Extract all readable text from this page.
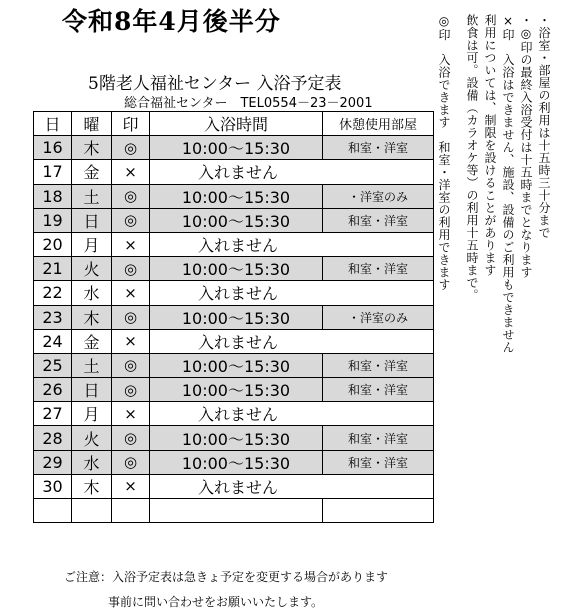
令和8年4月後半分
5階老人福祉センター 入浴予定表
総合福祉センター　TEL0554－23－2001
日	曜	印	入浴時間	休憩使用部屋
16	木	◎	10:00～15:30	和室・洋室
17	金	×	入れません	
18	土	◎	10:00～15:30	・洋室のみ
19	日	◎	10:00～15:30	和室・洋室
20	月	×	入れません	
21	火	◎	10:00～15:30	和室・洋室
22	水	×	入れません	
23	木	◎	10:00～15:30	・洋室のみ
24	金	×	入れません	
25	土	◎	10:00～15:30	和室・洋室
26	日	◎	10:00～15:30	和室・洋室
27	月	×	入れません	
28	火	◎	10:00～15:30	和室・洋室
29	水	◎	10:00～15:30	和室・洋室
30	木	×	入れません	

・浴室・部屋の利用は十五時三十分まで
・◎印の最終入浴受付は十五時までとなります
×印　入浴はできません、施設、設備のご利用もできません
利用については、制限を設けることがあります
飲食は可。設備（カラオケ等）の利用十五時まで。
◎印　入浴できます　和室・洋室の利用できます
ご注意：入浴予定表は急きょ予定を変更する場合があります
事前に問い合わせをお願いいたします。
